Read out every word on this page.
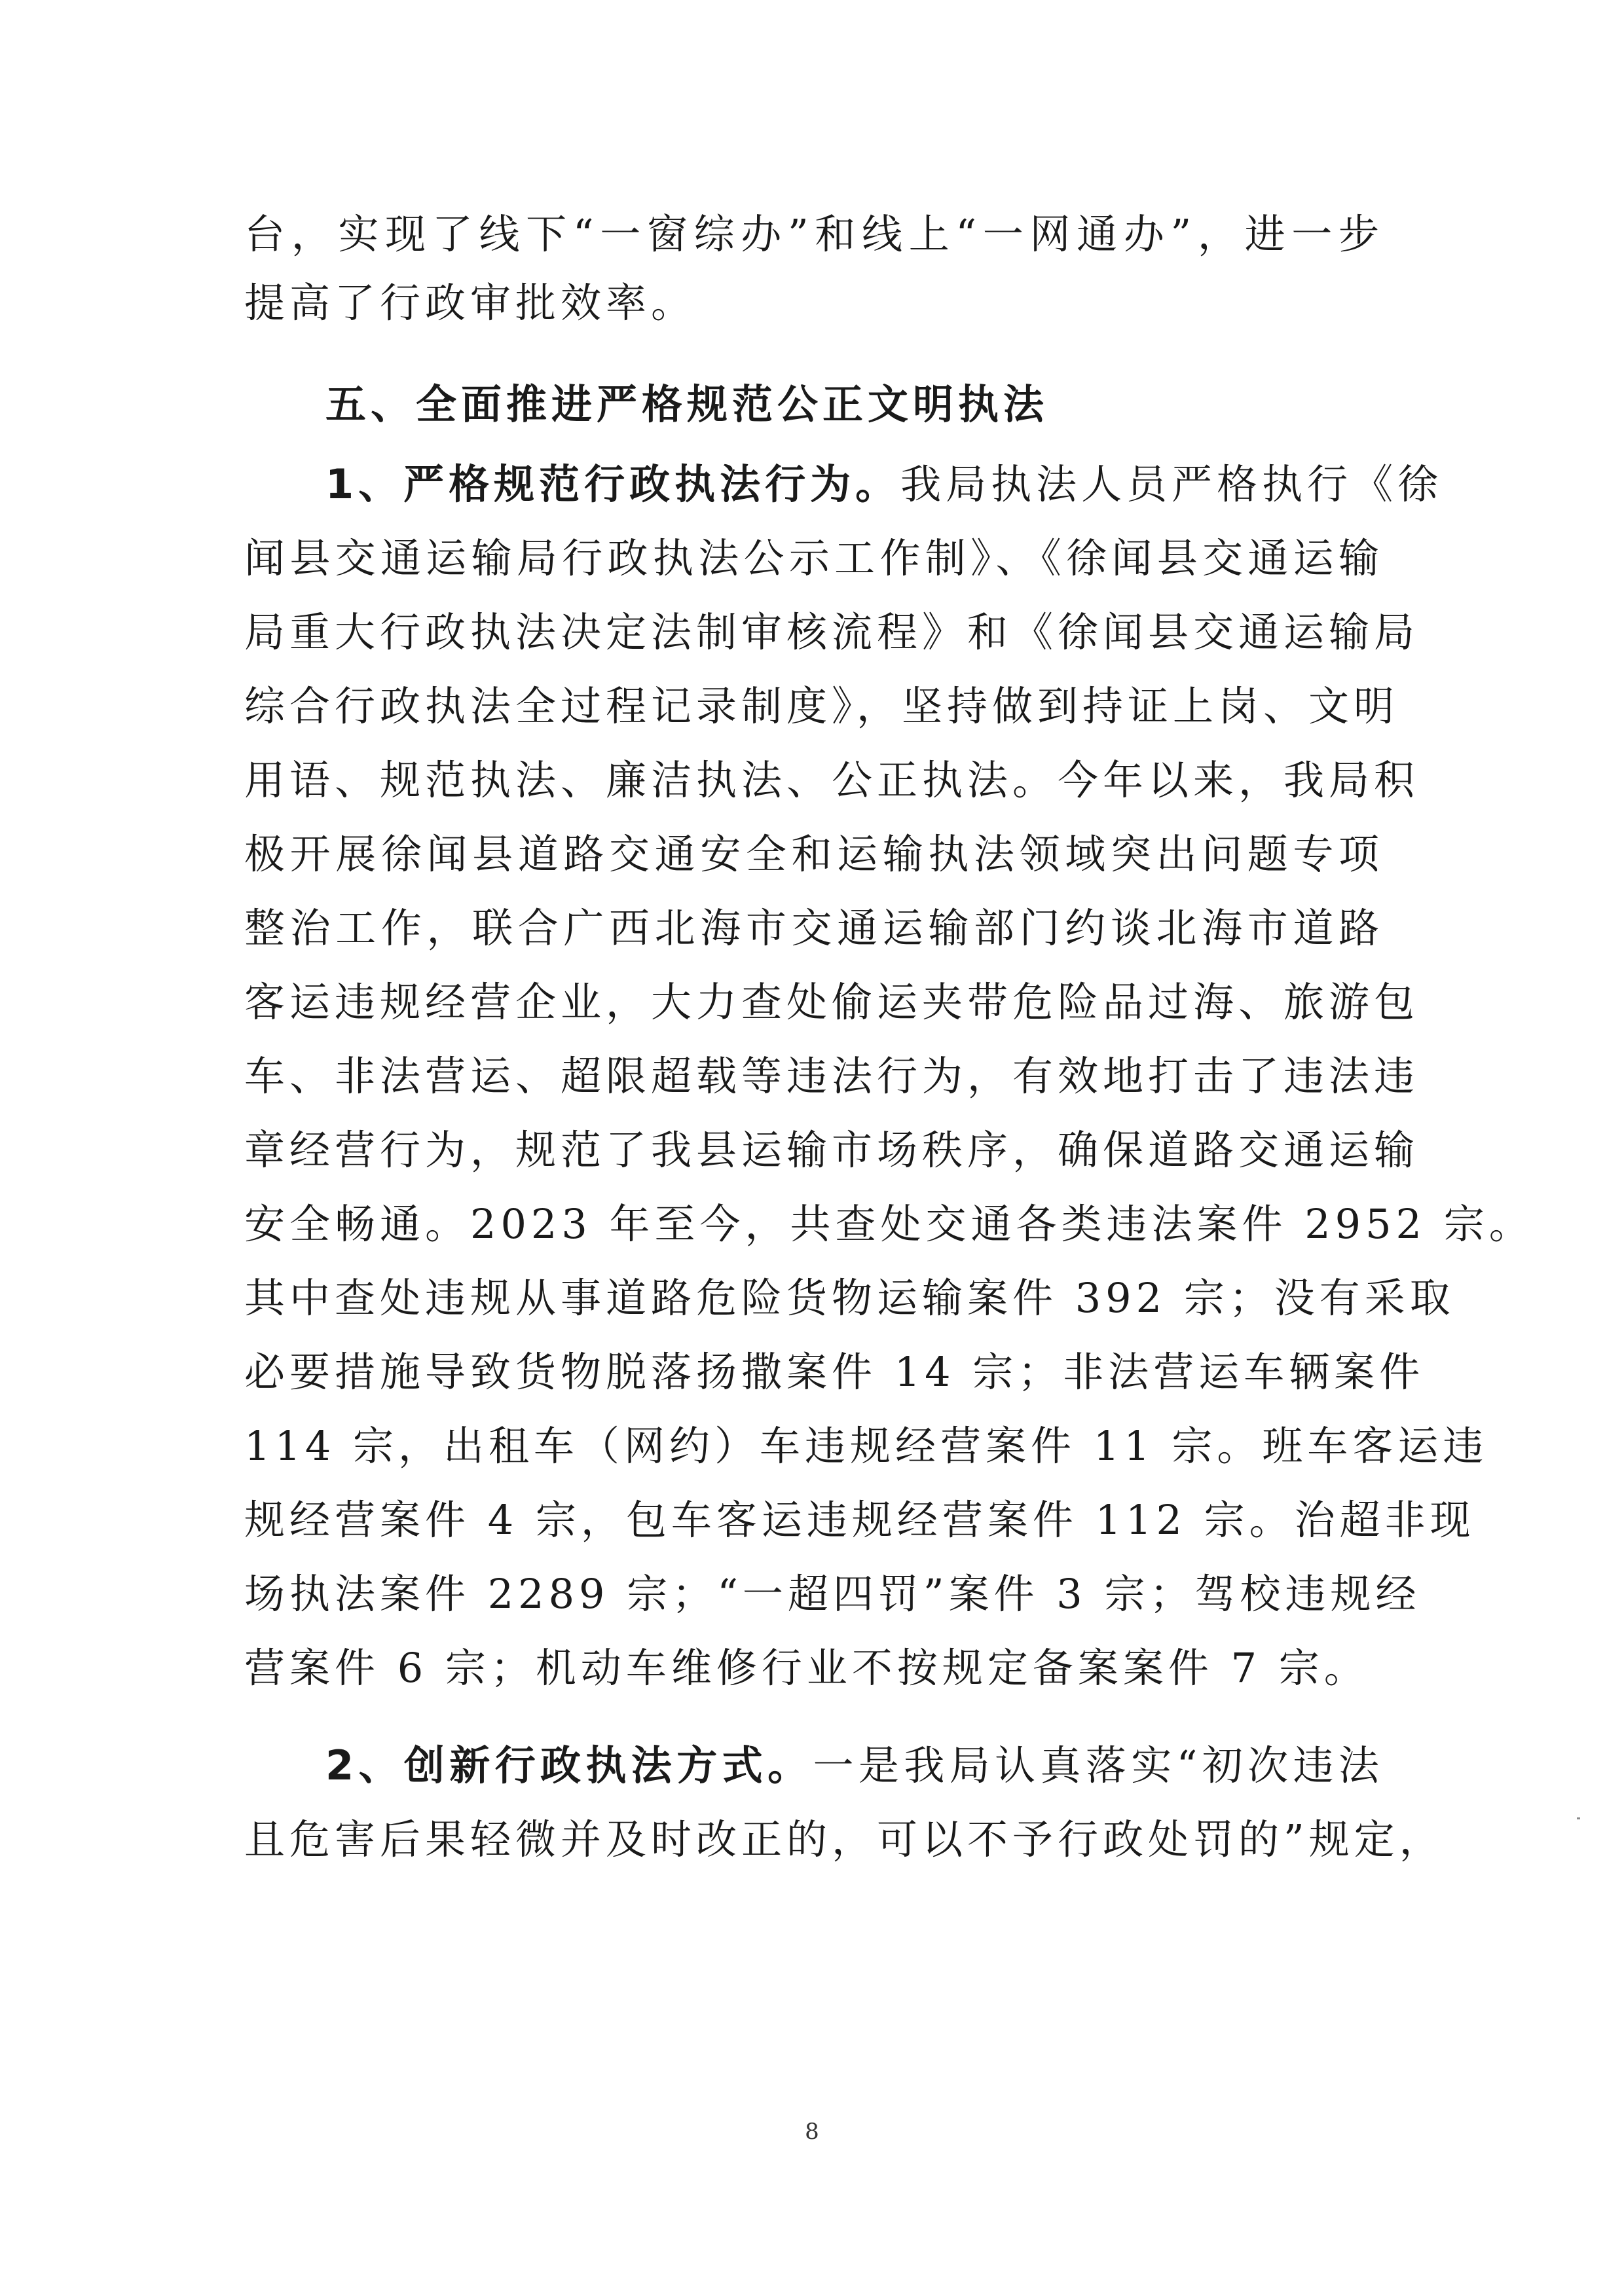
台，实现了线下“一窗综办”和线上“一网通办”，进一步
提高了行政审批效率。
五、全面推进严格规范公正文明执法
1、严格规范行政执法行为。我局执法人员严格执行《徐
闻县交通运输局行政执法公示工作制》、《徐闻县交通运输
局重大行政执法决定法制审核流程》和《徐闻县交通运输局
综合行政执法全过程记录制度》，坚持做到持证上岗、文明
用语、规范执法、廉洁执法、公正执法。今年以来，我局积
极开展徐闻县道路交通安全和运输执法领域突出问题专项
整治工作，联合广西北海市交通运输部门约谈北海市道路
客运违规经营企业，大力查处偷运夹带危险品过海、旅游包
车、非法营运、超限超载等违法行为，有效地打击了违法违
章经营行为，规范了我县运输市场秩序，确保道路交通运输
安全畅通。2023 年至今，共查处交通各类违法案件 2952 宗。
其中查处违规从事道路危险货物运输案件 392 宗；没有采取
必要措施导致货物脱落扬撒案件 14 宗；非法营运车辆案件
114 宗，出租车（网约）车违规经营案件 11 宗。班车客运违
规经营案件 4 宗，包车客运违规经营案件 112 宗。治超非现
场执法案件 2289 宗；“一超四罚”案件 3 宗；驾校违规经
营案件 6 宗；机动车维修行业不按规定备案案件 7 宗。
2、创新行政执法方式。一是我局认真落实“初次违法
且危害后果轻微并及时改正的，可以不予行政处罚的”规定，
8
